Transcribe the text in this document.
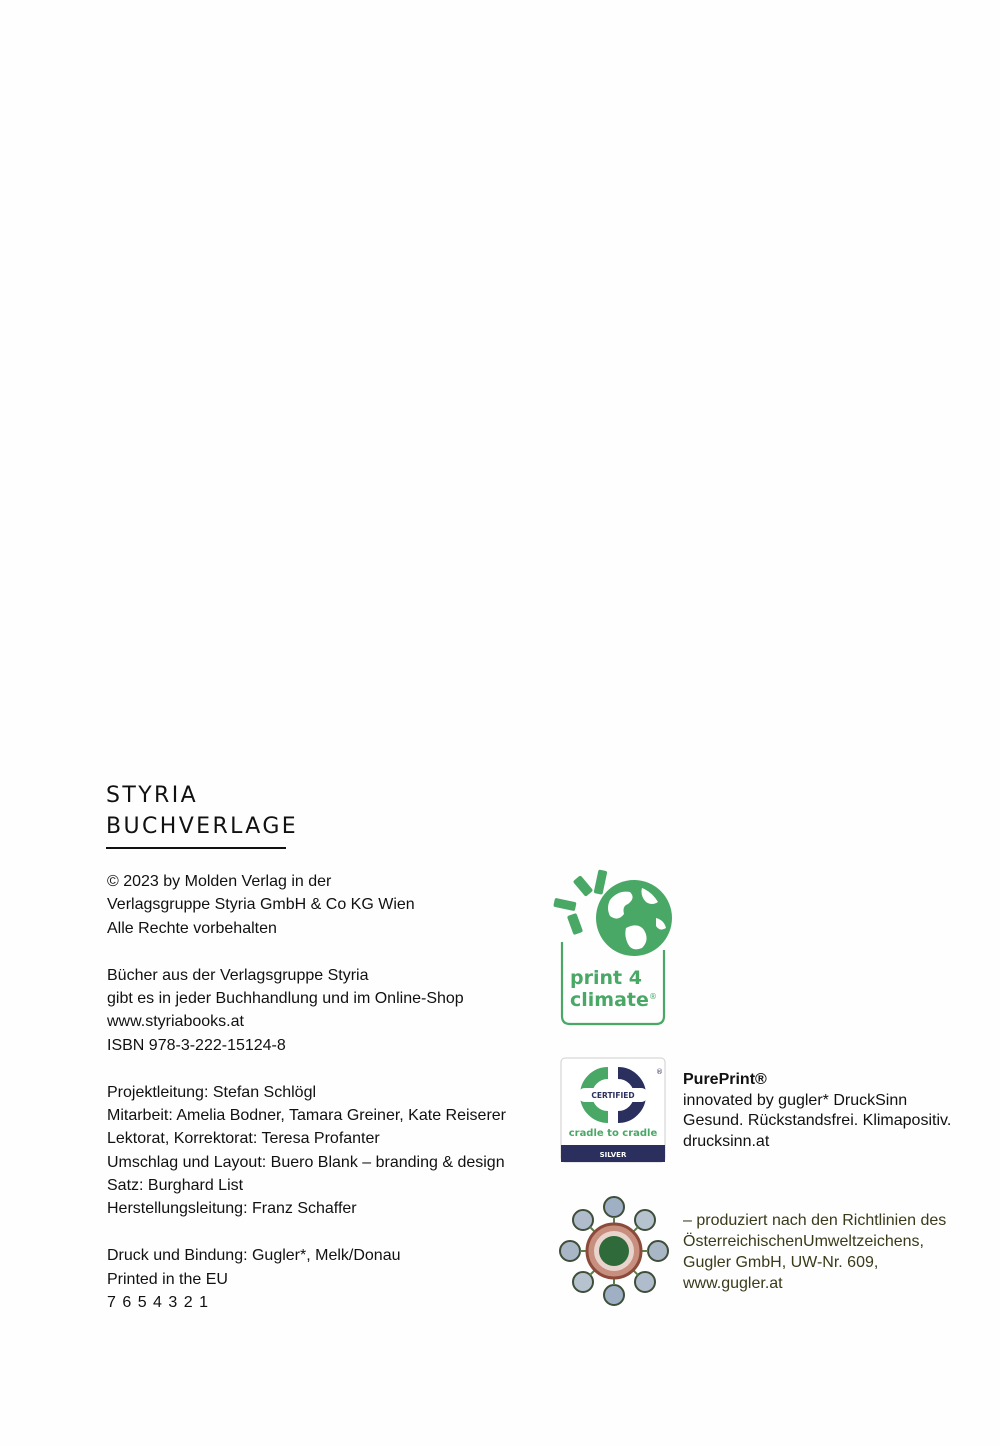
STYRIA
BUCHVERLAGE
© 2023 by Molden Verlag in der
Verlagsgruppe Styria GmbH & Co KG Wien
Alle Rechte vorbehalten
Bücher aus der Verlagsgruppe Styria
gibt es in jeder Buchhandlung und im Online-Shop
www.styriabooks.at
ISBN 978-3-222-15124-8
Projektleitung: Stefan Schlögl
Mitarbeit: Amelia Bodner, Tamara Greiner, Kate Reiserer
Lektorat, Korrektorat: Teresa Profanter
Umschlag und Layout: Buero Blank – branding & design
Satz: Burghard List
Herstellungsleitung: Franz Schaffer
Druck und Bindung: Gugler*, Melk/Donau
Printed in the EU
7 6 5 4 3 2 1
print 4
climate ®
CERTIFIED
®
cradle to cradle
SILVER
PurePrint®
innovated by gugler* DruckSinn
Gesund. Rückstandsfrei. Klimapositiv.
drucksinn.at
– produziert nach den Richtlinien des
ÖsterreichischenUmweltzeichens,
Gugler GmbH, UW-Nr. 609,
www.gugler.at
